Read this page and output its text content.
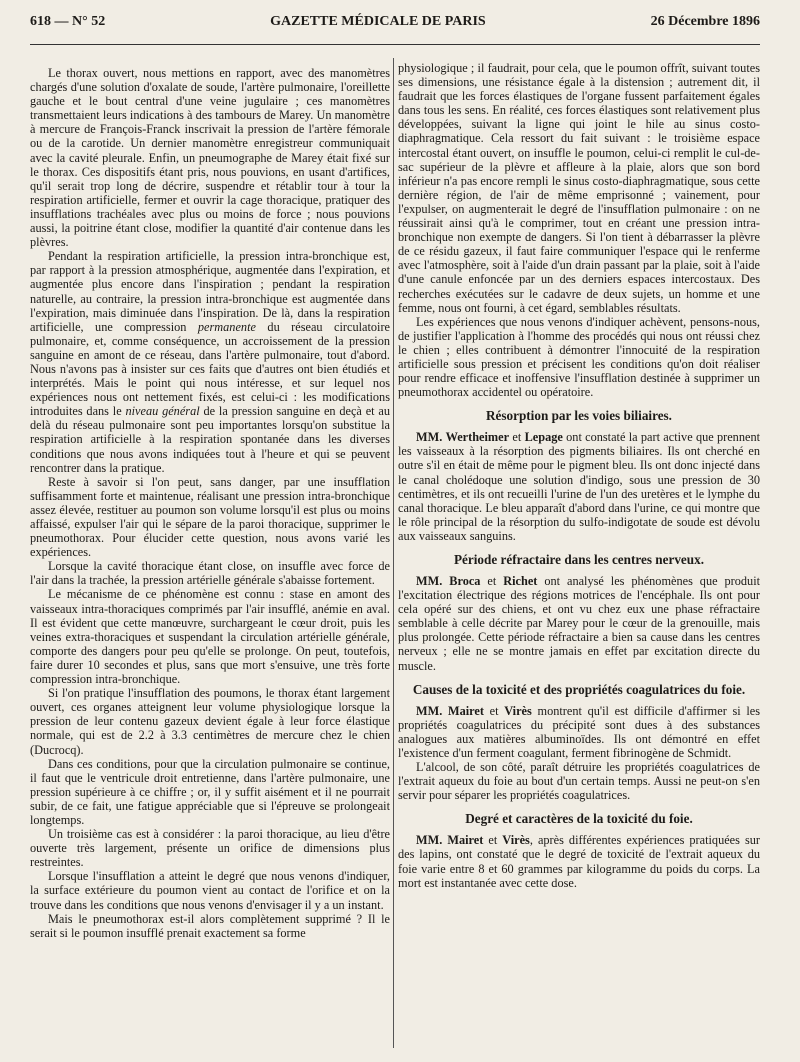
618 — N° 52	GAZETTE MÉDICALE DE PARIS	26 Décembre 1896

Le thorax ouvert, nous mettions en rapport, avec des manomètres chargés d'une solution d'oxalate de soude, l'artère pulmonaire, l'oreillette gauche et le bout central d'une veine jugulaire ; ces manomètres transmettaient leurs indications à des tambours de Marey. Un manomètre à mercure de François-Franck inscrivait la pression de l'artère fémorale ou de la carotide. Un dernier manomètre enregistreur communiquait avec la cavité pleurale. Enfin, un pneumographe de Marey était fixé sur le thorax. Ces dispositifs étant pris, nous pouvions, en usant d'artifices, qu'il serait trop long de décrire, suspendre et rétablir tour à tour la respiration artificielle, fermer et ouvrir la cage thoracique, pratiquer des insufflations trachéales avec plus ou moins de force ; nous pouvions aussi, la poitrine étant close, modifier la quantité d'air contenue dans les plèvres.

Pendant la respiration artificielle, la pression intra-bronchique est, par rapport à la pression atmosphérique, augmentée dans l'expiration, et augmentée plus encore dans l'inspiration ; pendant la respiration naturelle, au contraire, la pression intra-bronchique est augmentée dans l'expiration, mais diminuée dans l'inspiration. De là, dans la respiration artificielle, une compression permanente du réseau circulatoire pulmonaire, et, comme conséquence, un accroissement de la pression sanguine en amont de ce réseau, dans l'artère pulmonaire, tout d'abord. Nous n'avons pas à insister sur ces faits que d'autres ont bien étudiés et interprétés. Mais le point qui nous intéresse, et sur lequel nos expériences nous ont nettement fixés, est celui-ci : les modifications introduites dans le niveau général de la pression sanguine en deçà et au delà du réseau pulmonaire sont peu importantes lorsqu'on substitue la respiration artificielle à la respiration spontanée dans les diverses conditions que nous avons indiquées tout à l'heure et qui se peuvent rencontrer dans la pratique.

Reste à savoir si l'on peut, sans danger, par une insufflation suffisamment forte et maintenue, réalisant une pression intra-bronchique assez élevée, restituer au poumon son volume lorsqu'il est plus ou moins affaissé, expulser l'air qui le sépare de la paroi thoracique, supprimer le pneumothorax. Pour élucider cette question, nous avons varié les expériences.

Lorsque la cavité thoracique étant close, on insuffle avec force de l'air dans la trachée, la pression artérielle générale s'abaisse fortement.

Le mécanisme de ce phénomène est connu : stase en amont des vaisseaux intra-thoraciques comprimés par l'air insufflé, anémie en aval. Il est évident que cette manœuvre, surchargeant le cœur droit, puis les veines extra-thoraciques et suspendant la circulation artérielle générale, comporte des dangers pour peu qu'elle se prolonge. On peut, toutefois, faire durer 10 secondes et plus, sans que mort s'ensuive, une très forte compression intra-bronchique.

Si l'on pratique l'insufflation des poumons, le thorax étant largement ouvert, ces organes atteignent leur volume physiologique lorsque la pression de leur contenu gazeux devient égale à leur force élastique normale, qui est de 2.2 à 3.3 centimètres de mercure chez le chien (Ducrocq).

Dans ces conditions, pour que la circulation pulmonaire se continue, il faut que le ventricule droit entretienne, dans l'artère pulmonaire, une pression supérieure à ce chiffre ; or, il y suffit aisément et il ne pourrait subir, de ce fait, une fatigue appréciable que si l'épreuve se prolongeait longtemps.

Un troisième cas est à considérer : la paroi thoracique, au lieu d'être ouverte très largement, présente un orifice de dimensions plus restreintes.

Lorsque l'insufflation a atteint le degré que nous venons d'indiquer, la surface extérieure du poumon vient au contact de l'orifice et on la trouve dans les conditions que nous venons d'envisager il y a un instant.

Mais le pneumothorax est-il alors complètement supprimé ? Il le serait si le poumon insufflé prenait exactement sa forme

physiologique ; il faudrait, pour cela, que le poumon offrît, suivant toutes ses dimensions, une résistance égale à la distension ; autrement dit, il faudrait que les forces élastiques de l'organe fussent parfaitement égales dans tous les sens. En réalité, ces forces élastiques sont relativement plus développées, suivant la ligne qui joint le hile au sinus costo-diaphragmatique. Cela ressort du fait suivant : le troisième espace intercostal étant ouvert, on insuffle le poumon, celui-ci remplit le cul-de-sac supérieur de la plèvre et affleure à la plaie, alors que son bord inférieur n'a pas encore rempli le sinus costo-diaphragmatique, sous cette dernière région, de l'air de même emprisonné ; vainement, pour l'expulser, on augmenterait le degré de l'insufflation pulmonaire : on ne réussirait ainsi qu'à le comprimer, tout en créant une pression intra-bronchique non exempte de dangers. Si l'on tient à débarrasser la plèvre de ce résidu gazeux, il faut faire communiquer l'espace qui le renferme avec l'atmosphère, soit à l'aide d'un drain passant par la plaie, soit à l'aide d'une canule enfoncée par un des derniers espaces intercostaux. Des recherches exécutées sur le cadavre de deux sujets, un homme et une femme, nous ont fourni, à cet égard, semblables résultats.

Les expériences que nous venons d'indiquer achèvent, pensons-nous, de justifier l'application à l'homme des procédés qui nous ont réussi chez le chien ; elles contribuent à démontrer l'innocuité de la respiration artificielle sous pression et précisent les conditions qu'on doit réaliser pour rendre efficace et inoffensive l'insufflation destinée à supprimer un pneumothorax accidentel ou opératoire.

Résorption par les voies biliaires.

MM. Wertheimer et Lepage ont constaté la part active que prennent les vaisseaux à la résorption des pigments biliaires. Ils ont cherché en outre s'il en était de même pour le pigment bleu. Ils ont donc injecté dans le canal cholédoque une solution d'indigo, sous une pression de 30 centimètres, et ils ont recueilli l'urine de l'un des uretères et le lymphe du canal thoracique. Le bleu apparaît d'abord dans l'urine, ce qui montre que le rôle principal de la résorption du sulfo-indigotate de soude est dévolu aux vaisseaux sanguins.

Période réfractaire dans les centres nerveux.

MM. Broca et Richet ont analysé les phénomènes que produit l'excitation électrique des régions motrices de l'encéphale. Ils ont pour cela opéré sur des chiens, et ont vu chez eux une phase réfractaire semblable à celle décrite par Marey pour le cœur de la grenouille, mais plus prolongée. Cette période réfractaire a bien sa cause dans les centres nerveux ; elle ne se montre jamais en effet par excitation directe du muscle.

Causes de la toxicité et des propriétés coagulatrices du foie.

MM. Mairet et Virès montrent qu'il est difficile d'affirmer si les propriétés coagulatrices du précipité sont dues à des substances analogues aux matières albuminoïdes. Ils ont démontré en effet l'existence d'un ferment coagulant, ferment fibrinogène de Schmidt.

L'alcool, de son côté, paraît détruire les propriétés coagulatrices de l'extrait aqueux du foie au bout d'un certain temps. Aussi ne peut-on s'en servir pour séparer les propriétés coagulatrices.

Degré et caractères de la toxicité du foie.

MM. Mairet et Virès, après différentes expériences pratiquées sur des lapins, ont constaté que le degré de toxicité de l'extrait aqueux du foie varie entre 8 et 60 grammes par kilogramme du poids du corps. La mort est instantanée avec cette dose.
